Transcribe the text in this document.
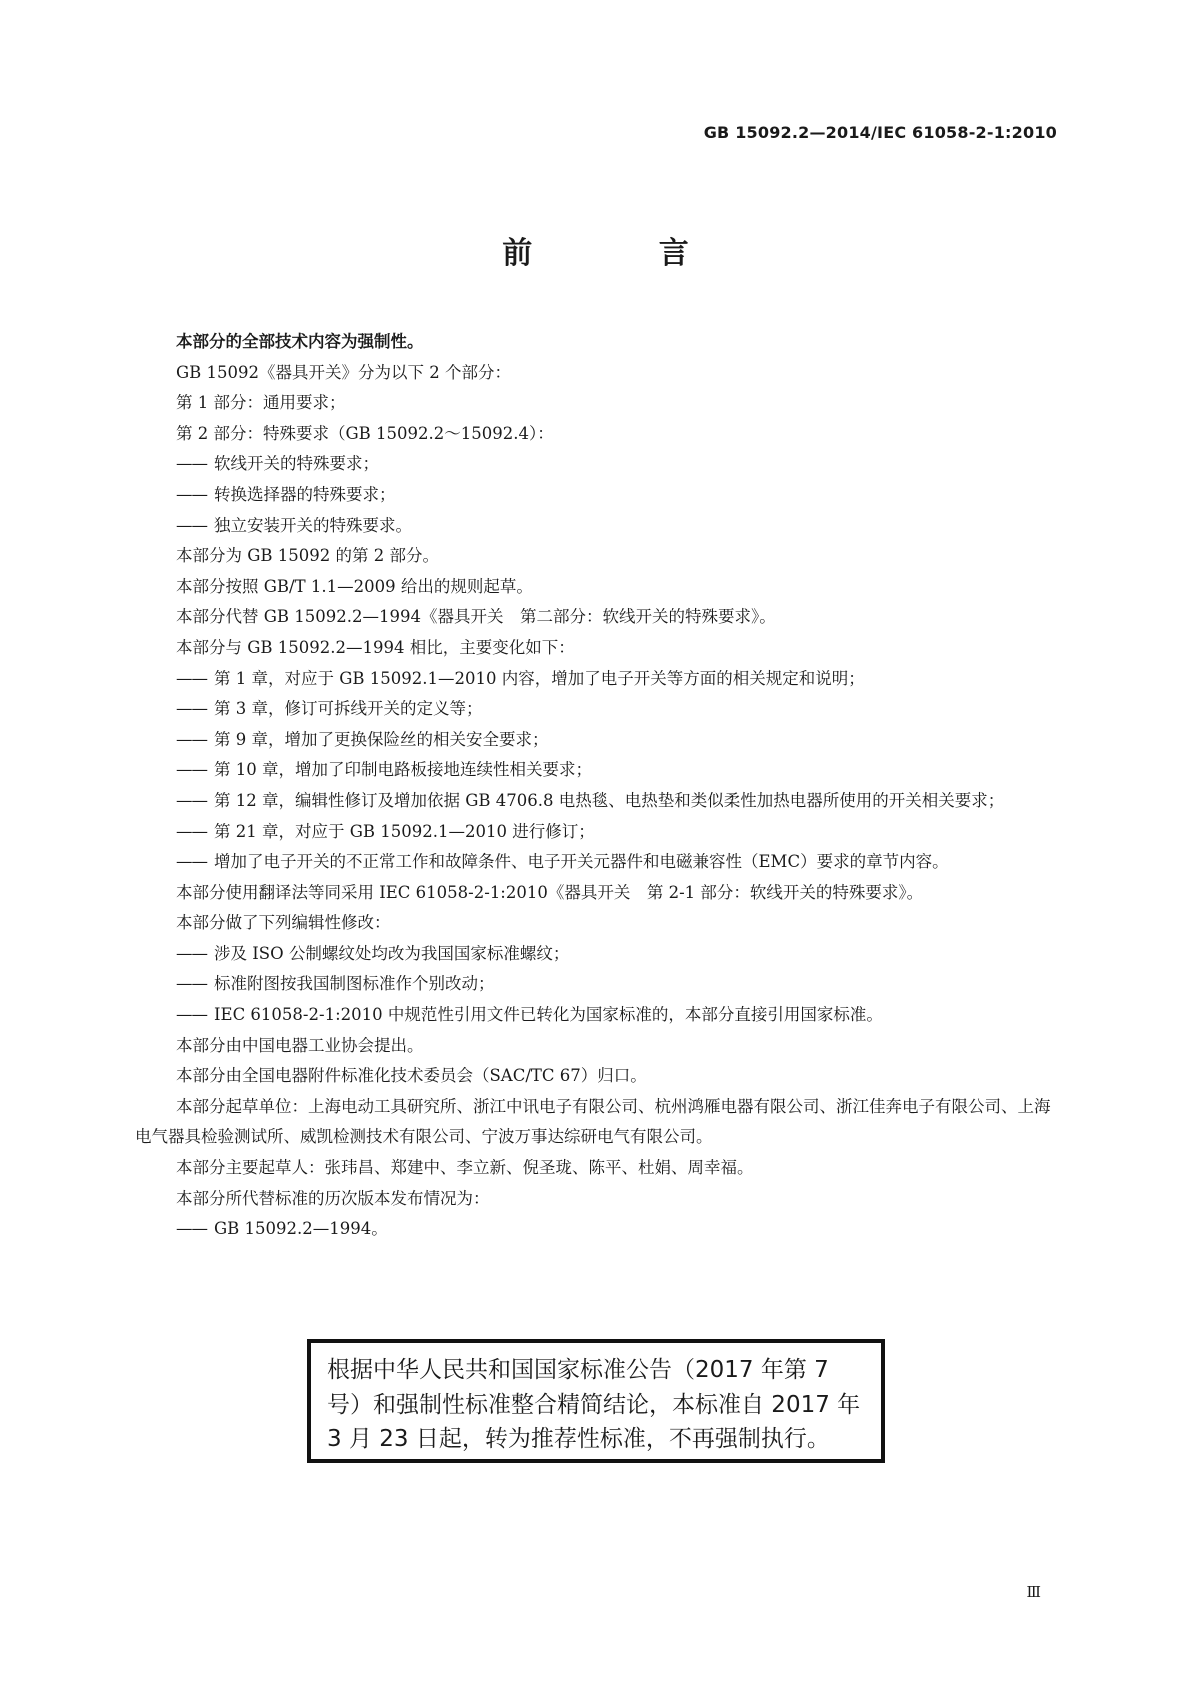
GB 15092.2—2014/IEC 61058-2-1:2010
前 言
本部分的全部技术内容为强制性。
GB 15092《器具开关》分为以下 2 个部分：
第 1 部分：通用要求；
第 2 部分：特殊要求（GB 15092.2～15092.4）：
—— 软线开关的特殊要求；
—— 转换选择器的特殊要求；
—— 独立安装开关的特殊要求。
本部分为 GB 15092 的第 2 部分。
本部分按照 GB/T 1.1—2009 给出的规则起草。
本部分代替 GB 15092.2—1994《器具开关　第二部分：软线开关的特殊要求》。
本部分与 GB 15092.2—1994 相比，主要变化如下：
—— 第 1 章，对应于 GB 15092.1—2010 内容，增加了电子开关等方面的相关规定和说明；
—— 第 3 章，修订可拆线开关的定义等；
—— 第 9 章，增加了更换保险丝的相关安全要求；
—— 第 10 章，增加了印制电路板接地连续性相关要求；
—— 第 12 章，编辑性修订及增加依据 GB 4706.8 电热毯、电热垫和类似柔性加热电器所使用的开关相关要求；
—— 第 21 章，对应于 GB 15092.1—2010 进行修订；
—— 增加了电子开关的不正常工作和故障条件、电子开关元器件和电磁兼容性（EMC）要求的章节内容。
本部分使用翻译法等同采用 IEC 61058-2-1:2010《器具开关　第 2-1 部分：软线开关的特殊要求》。
本部分做了下列编辑性修改：
—— 涉及 ISO 公制螺纹处均改为我国国家标准螺纹；
—— 标准附图按我国制图标准作个别改动；
—— IEC 61058-2-1:2010 中规范性引用文件已转化为国家标准的，本部分直接引用国家标准。
本部分由中国电器工业协会提出。
本部分由全国电器附件标准化技术委员会（SAC/TC 67）归口。
本部分起草单位：上海电动工具研究所、浙江中讯电子有限公司、杭州鸿雁电器有限公司、浙江佳奔电子有限公司、上海电气器具检验测试所、威凯检测技术有限公司、宁波万事达综研电气有限公司。
本部分主要起草人：张玮昌、郑建中、李立新、倪圣珑、陈平、杜娟、周幸福。
本部分所代替标准的历次版本发布情况为：
—— GB 15092.2—1994。
根据中华人民共和国国家标准公告（2017 年第 7 号）和强制性标准整合精简结论，本标准自 2017 年 3 月 23 日起，转为推荐性标准，不再强制执行。
Ⅲ
